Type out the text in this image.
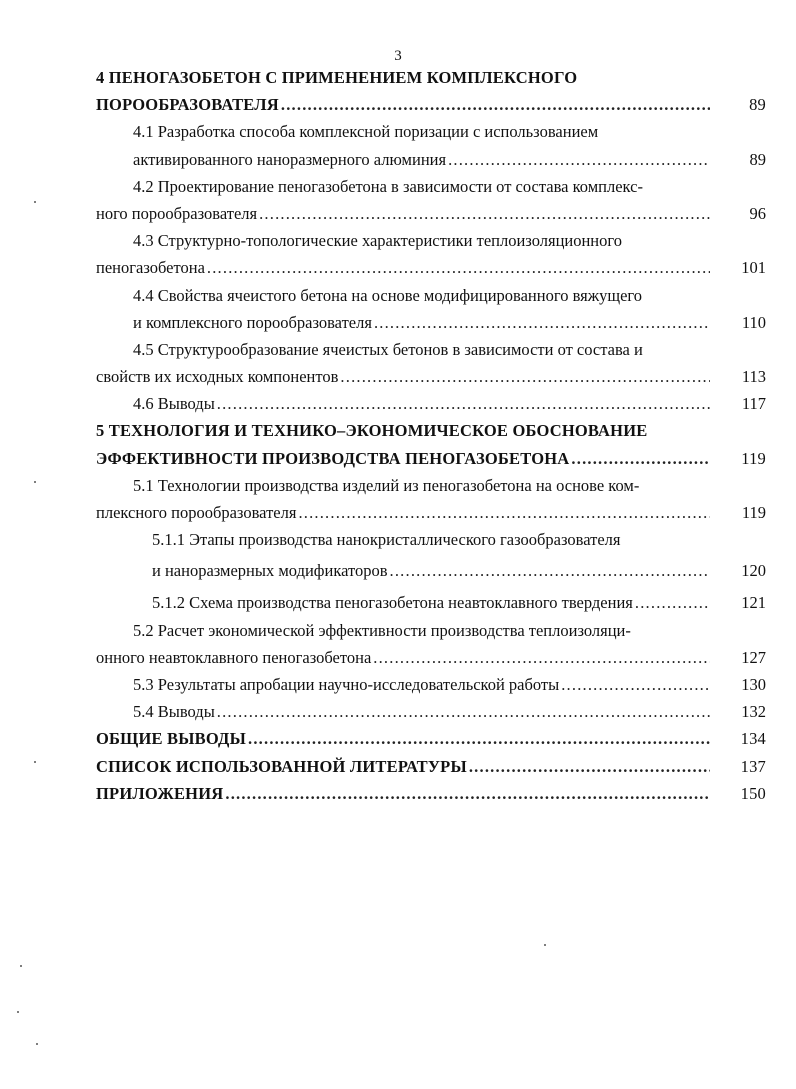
3
4 ПЕНОГАЗОБЕТОН С ПРИМЕНЕНИЕМ КОМПЛЕКСНОГО
ПОРООБРАЗОВАТЕЛЯ .....	89
4.1 Разработка способа комплексной поризации с использованием
активированного наноразмерного алюминия .....	89
4.2 Проектирование пеногазобетона в зависимости от состава комплекс-
ного порообразователя .....	96
4.3 Структурно-топологические характеристики теплоизоляционного
пеногазобетона .....	101
4.4 Свойства ячеистого бетона на основе модифицированного вяжущего
и комплексного порообразователя .....	110
4.5 Структурообразование ячеистых бетонов в зависимости от состава и
свойств их исходных компонентов .....	113
4.6 Выводы .....	117
5 ТЕХНОЛОГИЯ И ТЕХНИКО–ЭКОНОМИЧЕСКОЕ ОБОСНОВАНИЕ
ЭФФЕКТИВНОСТИ ПРОИЗВОДСТВА ПЕНОГАЗОБЕТОНА .....	119
5.1 Технологии производства изделий из пеногазобетона на основе ком-
плексного порообразователя .....	119
5.1.1 Этапы производства нанокристаллического газообразователя
и наноразмерных модификаторов .....	120
5.1.2 Схема производства пеногазобетона неавтоклавного твердения .....	121
5.2 Расчет экономической эффективности производства теплоизоляци-
онного неавтоклавного пеногазобетона .....	127
5.3 Результаты апробации научно-исследовательской работы .....	130
5.4 Выводы .....	132
ОБЩИЕ ВЫВОДЫ .....	134
СПИСОК ИСПОЛЬЗОВАННОЙ ЛИТЕРАТУРЫ .....	137
ПРИЛОЖЕНИЯ .....	150
